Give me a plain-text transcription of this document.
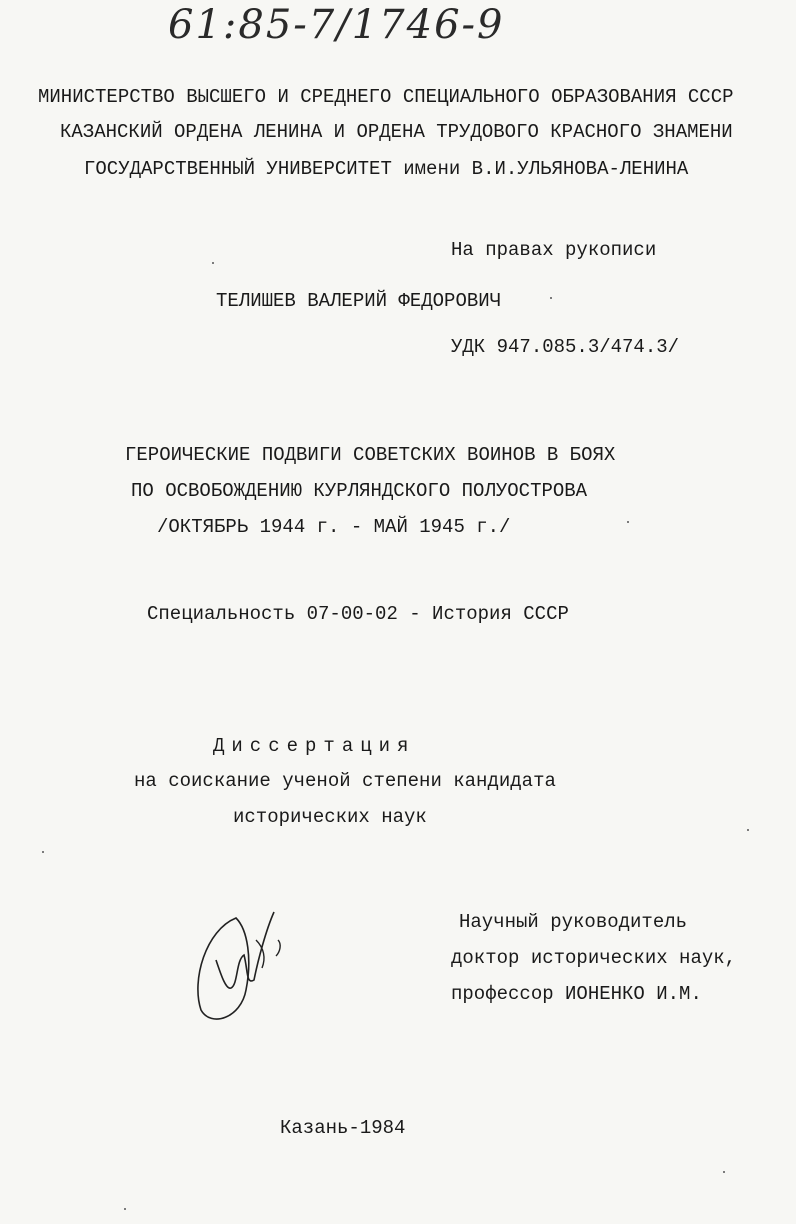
61:85-7/1746-9
МИНИСТЕРСТВО ВЫСШЕГО И СРЕДНЕГО СПЕЦИАЛЬНОГО ОБРАЗОВАНИЯ СССР
КАЗАНСКИЙ ОРДЕНА ЛЕНИНА И ОРДЕНА ТРУДОВОГО КРАСНОГО ЗНАМЕНИ
ГОСУДАРСТВЕННЫЙ УНИВЕРСИТЕТ имени В.И.УЛЬЯНОВА-ЛЕНИНА
На правах рукописи
ТЕЛИШЕВ ВАЛЕРИЙ ФЕДОРОВИЧ
УДК 947.085.3/474.3/
ГЕРОИЧЕСКИЕ ПОДВИГИ СОВЕТСКИХ ВОИНОВ В БОЯХ
ПО ОСВОБОЖДЕНИЮ КУРЛЯНДСКОГО ПОЛУОСТРОВА
/ОКТЯБРЬ 1944 г. - МАЙ 1945 г./
Специальность 07-00-02 - История СССР
Диссертация
на соискание ученой степени кандидата
исторических наук
Научный руководитель
доктор исторических наук,
профессор ИОНЕНКО И.М.
Казань-1984
